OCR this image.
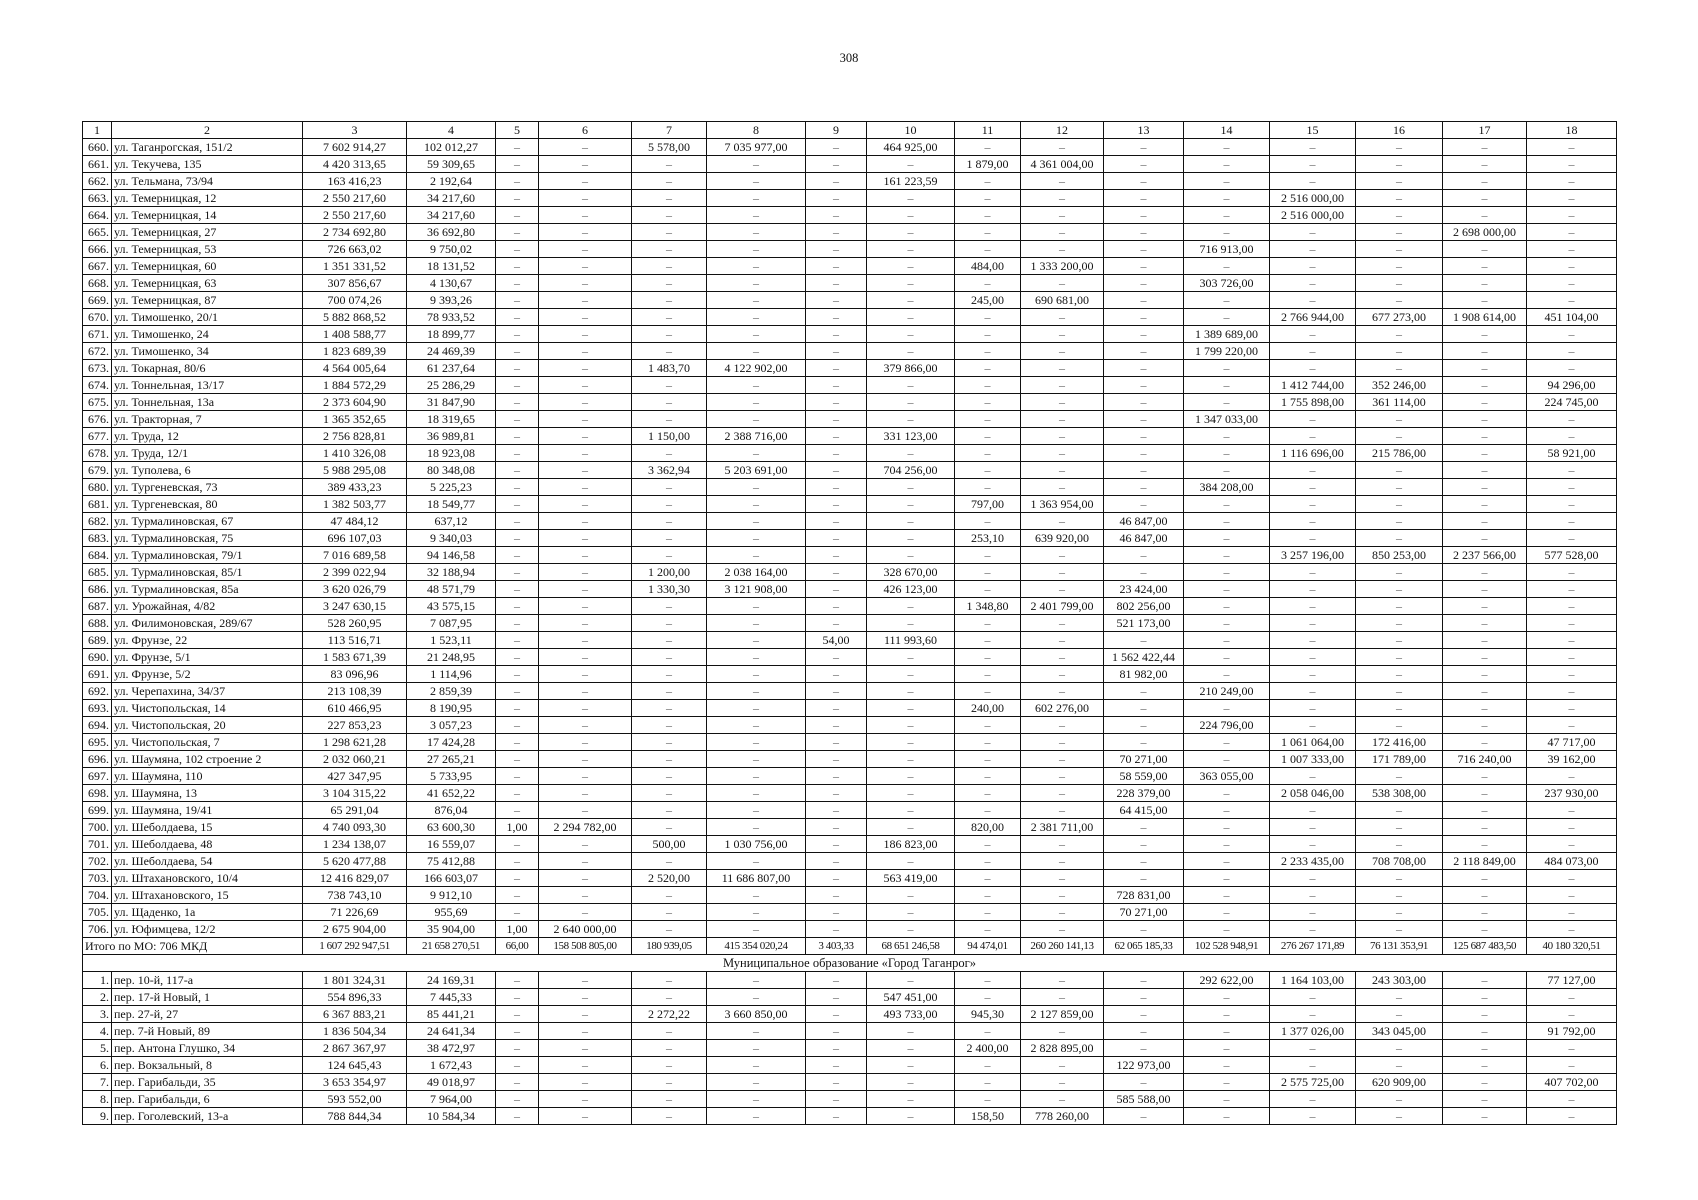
308
1	2	3	4	5	6	7	8	9	10	11	12	13	14	15	16	17	18
660.	ул. Таганрогская, 151/2	7 602 914,27	102 012,27	–	–	5 578,00	7 035 977,00	–	464 925,00	–	–	–	–	–	–	–	–
661.	ул. Текучева, 135	4 420 313,65	59 309,65	–	–	–	–	–	–	1 879,00	4 361 004,00	–	–	–	–	–	–
662.	ул. Тельмана, 73/94	163 416,23	2 192,64	–	–	–	–	–	161 223,59	–	–	–	–	–	–	–	–
663.	ул. Темерницкая, 12	2 550 217,60	34 217,60	–	–	–	–	–	–	–	–	–	–	2 516 000,00	–	–	–
664.	ул. Темерницкая, 14	2 550 217,60	34 217,60	–	–	–	–	–	–	–	–	–	–	2 516 000,00	–	–	–
665.	ул. Темерницкая, 27	2 734 692,80	36 692,80	–	–	–	–	–	–	–	–	–	–	–	–	2 698 000,00	–
666.	ул. Темерницкая, 53	726 663,02	9 750,02	–	–	–	–	–	–	–	–	–	716 913,00	–	–	–	–
667.	ул. Темерницкая, 60	1 351 331,52	18 131,52	–	–	–	–	–	–	484,00	1 333 200,00	–	–	–	–	–	–
668.	ул. Темерницкая, 63	307 856,67	4 130,67	–	–	–	–	–	–	–	–	–	303 726,00	–	–	–	–
669.	ул. Темерницкая, 87	700 074,26	9 393,26	–	–	–	–	–	–	245,00	690 681,00	–	–	–	–	–	–
670.	ул. Тимошенко, 20/1	5 882 868,52	78 933,52	–	–	–	–	–	–	–	–	–	–	2 766 944,00	677 273,00	1 908 614,00	451 104,00
671.	ул. Тимошенко, 24	1 408 588,77	18 899,77	–	–	–	–	–	–	–	–	–	1 389 689,00	–	–	–	–
672.	ул. Тимошенко, 34	1 823 689,39	24 469,39	–	–	–	–	–	–	–	–	–	1 799 220,00	–	–	–	–
673.	ул. Токарная, 80/6	4 564 005,64	61 237,64	–	–	1 483,70	4 122 902,00	–	379 866,00	–	–	–	–	–	–	–	–
674.	ул. Тоннельная, 13/17	1 884 572,29	25 286,29	–	–	–	–	–	–	–	–	–	–	1 412 744,00	352 246,00	–	94 296,00
675.	ул. Тоннельная, 13а	2 373 604,90	31 847,90	–	–	–	–	–	–	–	–	–	–	1 755 898,00	361 114,00	–	224 745,00
676.	ул. Тракторная, 7	1 365 352,65	18 319,65	–	–	–	–	–	–	–	–	–	1 347 033,00	–	–	–	–
677.	ул. Труда, 12	2 756 828,81	36 989,81	–	–	1 150,00	2 388 716,00	–	331 123,00	–	–	–	–	–	–	–	–
678.	ул. Труда, 12/1	1 410 326,08	18 923,08	–	–	–	–	–	–	–	–	–	–	1 116 696,00	215 786,00	–	58 921,00
679.	ул. Туполева, 6	5 988 295,08	80 348,08	–	–	3 362,94	5 203 691,00	–	704 256,00	–	–	–	–	–	–	–	–
680.	ул. Тургеневская, 73	389 433,23	5 225,23	–	–	–	–	–	–	–	–	–	384 208,00	–	–	–	–
681.	ул. Тургеневская, 80	1 382 503,77	18 549,77	–	–	–	–	–	–	797,00	1 363 954,00	–	–	–	–	–	–
682.	ул. Турмалиновская, 67	47 484,12	637,12	–	–	–	–	–	–	–	–	46 847,00	–	–	–	–	–
683.	ул. Турмалиновская, 75	696 107,03	9 340,03	–	–	–	–	–	–	253,10	639 920,00	46 847,00	–	–	–	–	–
684.	ул. Турмалиновская, 79/1	7 016 689,58	94 146,58	–	–	–	–	–	–	–	–	–	–	3 257 196,00	850 253,00	2 237 566,00	577 528,00
685.	ул. Турмалиновская, 85/1	2 399 022,94	32 188,94	–	–	1 200,00	2 038 164,00	–	328 670,00	–	–	–	–	–	–	–	–
686.	ул. Турмалиновская, 85а	3 620 026,79	48 571,79	–	–	1 330,30	3 121 908,00	–	426 123,00	–	–	23 424,00	–	–	–	–	–
687.	ул. Урожайная, 4/82	3 247 630,15	43 575,15	–	–	–	–	–	–	1 348,80	2 401 799,00	802 256,00	–	–	–	–	–
688.	ул. Филимоновская, 289/67	528 260,95	7 087,95	–	–	–	–	–	–	–	–	521 173,00	–	–	–	–	–
689.	ул. Фрунзе, 22	113 516,71	1 523,11	–	–	–	–	54,00	111 993,60	–	–	–	–	–	–	–	–
690.	ул. Фрунзе, 5/1	1 583 671,39	21 248,95	–	–	–	–	–	–	–	–	1 562 422,44	–	–	–	–	–
691.	ул. Фрунзе, 5/2	83 096,96	1 114,96	–	–	–	–	–	–	–	–	81 982,00	–	–	–	–	–
692.	ул. Черепахина, 34/37	213 108,39	2 859,39	–	–	–	–	–	–	–	–	–	210 249,00	–	–	–	–
693.	ул. Чистопольская, 14	610 466,95	8 190,95	–	–	–	–	–	–	240,00	602 276,00	–	–	–	–	–	–
694.	ул. Чистопольская, 20	227 853,23	3 057,23	–	–	–	–	–	–	–	–	–	224 796,00	–	–	–	–
695.	ул. Чистопольская, 7	1 298 621,28	17 424,28	–	–	–	–	–	–	–	–	–	–	1 061 064,00	172 416,00	–	47 717,00
696.	ул. Шаумяна, 102 строение 2	2 032 060,21	27 265,21	–	–	–	–	–	–	–	–	70 271,00	–	1 007 333,00	171 789,00	716 240,00	39 162,00
697.	ул. Шаумяна, 110	427 347,95	5 733,95	–	–	–	–	–	–	–	–	58 559,00	363 055,00	–	–	–	–
698.	ул. Шаумяна, 13	3 104 315,22	41 652,22	–	–	–	–	–	–	–	–	228 379,00	–	2 058 046,00	538 308,00	–	237 930,00
699.	ул. Шаумяна, 19/41	65 291,04	876,04	–	–	–	–	–	–	–	–	64 415,00	–	–	–	–	–
700.	ул. Шеболдаева, 15	4 740 093,30	63 600,30	1,00	2 294 782,00	–	–	–	–	820,00	2 381 711,00	–	–	–	–	–	–
701.	ул. Шеболдаева, 48	1 234 138,07	16 559,07	–	–	500,00	1 030 756,00	–	186 823,00	–	–	–	–	–	–	–	–
702.	ул. Шеболдаева, 54	5 620 477,88	75 412,88	–	–	–	–	–	–	–	–	–	–	2 233 435,00	708 708,00	2 118 849,00	484 073,00
703.	ул. Штахановского, 10/4	12 416 829,07	166 603,07	–	–	2 520,00	11 686 807,00	–	563 419,00	–	–	–	–	–	–	–	–
704.	ул. Штахановского, 15	738 743,10	9 912,10	–	–	–	–	–	–	–	–	728 831,00	–	–	–	–	–
705.	ул. Щаденко, 1а	71 226,69	955,69	–	–	–	–	–	–	–	–	70 271,00	–	–	–	–	–
706.	ул. Юфимцева, 12/2	2 675 904,00	35 904,00	1,00	2 640 000,00	–	–	–	–	–	–	–	–	–	–	–	–
Итого по МО: 706 МКД		1 607 292 947,51	21 658 270,51	66,00	158 508 805,00	180 939,05	415 354 020,24	3 403,33	68 651 246,58	94 474,01	260 260 141,13	62 065 185,33	102 528 948,91	276 267 171,89	76 131 353,91	125 687 483,50	40 180 320,51
Муниципальное образование «Город Таганрог»																	
1.	пер. 10-й, 117-а	1 801 324,31	24 169,31	–	–	–	–	–	–	–	–	–	292 622,00	1 164 103,00	243 303,00	–	77 127,00
2.	пер. 17-й Новый, 1	554 896,33	7 445,33	–	–	–	–	–	547 451,00	–	–	–	–	–	–	–	–
3.	пер. 27-й, 27	6 367 883,21	85 441,21	–	–	2 272,22	3 660 850,00	–	493 733,00	945,30	2 127 859,00	–	–	–	–	–	–
4.	пер. 7-й Новый, 89	1 836 504,34	24 641,34	–	–	–	–	–	–	–	–	–	–	1 377 026,00	343 045,00	–	91 792,00
5.	пер. Антона Глушко, 34	2 867 367,97	38 472,97	–	–	–	–	–	–	2 400,00	2 828 895,00	–	–	–	–	–	–
6.	пер. Вокзальный, 8	124 645,43	1 672,43	–	–	–	–	–	–	–	–	122 973,00	–	–	–	–	–
7.	пер. Гарибальди, 35	3 653 354,97	49 018,97	–	–	–	–	–	–	–	–	–	–	2 575 725,00	620 909,00	–	407 702,00
8.	пер. Гарибальди, 6	593 552,00	7 964,00	–	–	–	–	–	–	–	–	585 588,00	–	–	–	–	–
9.	пер. Гоголевский, 13-а	788 844,34	10 584,34	–	–	–	–	–	–	158,50	778 260,00	–	–	–	–	–	–
